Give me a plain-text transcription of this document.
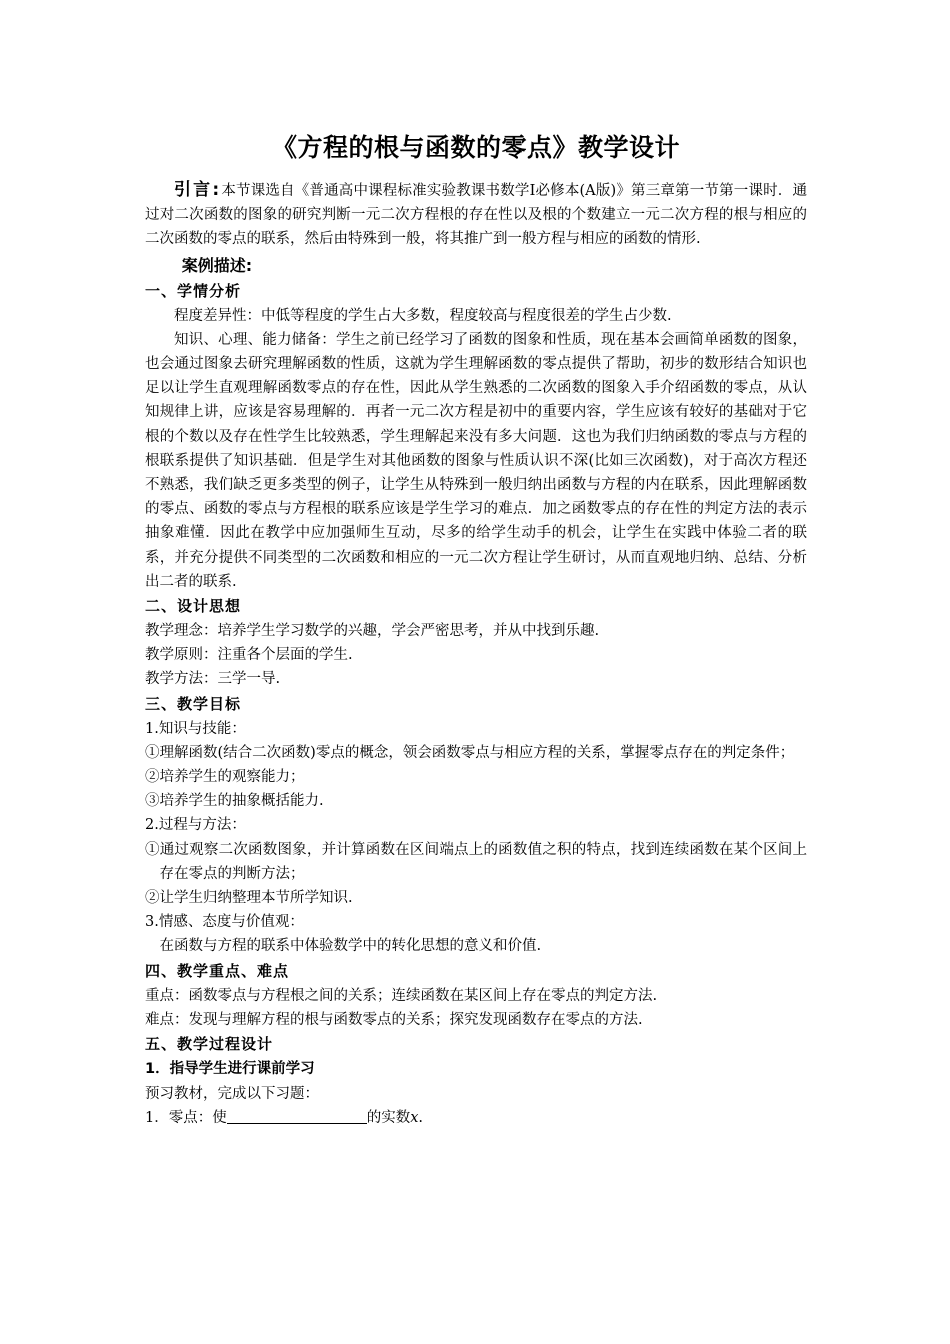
《方程的根与函数的零点》教学设计

引言:本节课选自《普通高中课程标准实验教课书数学Ⅰ必修本(A版)》第三章第一节第一课时．通过对二次函数的图象的研究判断一元二次方程根的存在性以及根的个数建立一元二次方程的根与相应的二次函数的零点的联系，然后由特殊到一般，将其推广到一般方程与相应的函数的情形.

案例描述:
一、学情分析

程度差异性：中低等程度的学生占大多数，程度较高与程度很差的学生占少数.

知识、心理、能力储备：学生之前已经学习了函数的图象和性质，现在基本会画简单函数的图象，也会通过图象去研究理解函数的性质，这就为学生理解函数的零点提供了帮助，初步的数形结合知识也足以让学生直观理解函数零点的存在性，因此从学生熟悉的二次函数的图象入手介绍函数的零点，从认知规律上讲，应该是容易理解的．再者一元二次方程是初中的重要内容，学生应该有较好的基础对于它根的个数以及存在性学生比较熟悉，学生理解起来没有多大问题．这也为我们归纳函数的零点与方程的根联系提供了知识基础．但是学生对其他函数的图象与性质认识不深(比如三次函数)，对于高次方程还不熟悉，我们缺乏更多类型的例子，让学生从特殊到一般归纳出函数与方程的内在联系，因此理解函数的零点、函数的零点与方程根的联系应该是学生学习的难点．加之函数零点的存在性的判定方法的表示抽象难懂．因此在教学中应加强师生互动，尽多的给学生动手的机会，让学生在实践中体验二者的联系，并充分提供不同类型的二次函数和相应的一元二次方程让学生研讨，从而直观地归纳、总结、分析出二者的联系.

二、设计思想

教学理念：培养学生学习数学的兴趣，学会严密思考，并从中找到乐趣.

教学原则：注重各个层面的学生.

教学方法：三学一导.

三、教学目标

1.知识与技能：

①理解函数(结合二次函数)零点的概念，领会函数零点与相应方程的关系，掌握零点存在的判定条件；

②培养学生的观察能力；

③培养学生的抽象概括能力.

2.过程与方法：

①通过观察二次函数图象，并计算函数在区间端点上的函数值之积的特点，找到连续函数在某个区间上存在零点的判断方法；

②让学生归纳整理本节所学知识.

3.情感、态度与价值观：

在函数与方程的联系中体验数学中的转化思想的意义和价值.

四、教学重点、难点

重点：函数零点与方程根之间的关系；连续函数在某区间上存在零点的判定方法.

难点：发现与理解方程的根与函数零点的关系；探究发现函数存在零点的方法.

五、教学过程设计
1．指导学生进行课前学习

预习教材，完成以下习题：

1．零点：使	的实数x.
